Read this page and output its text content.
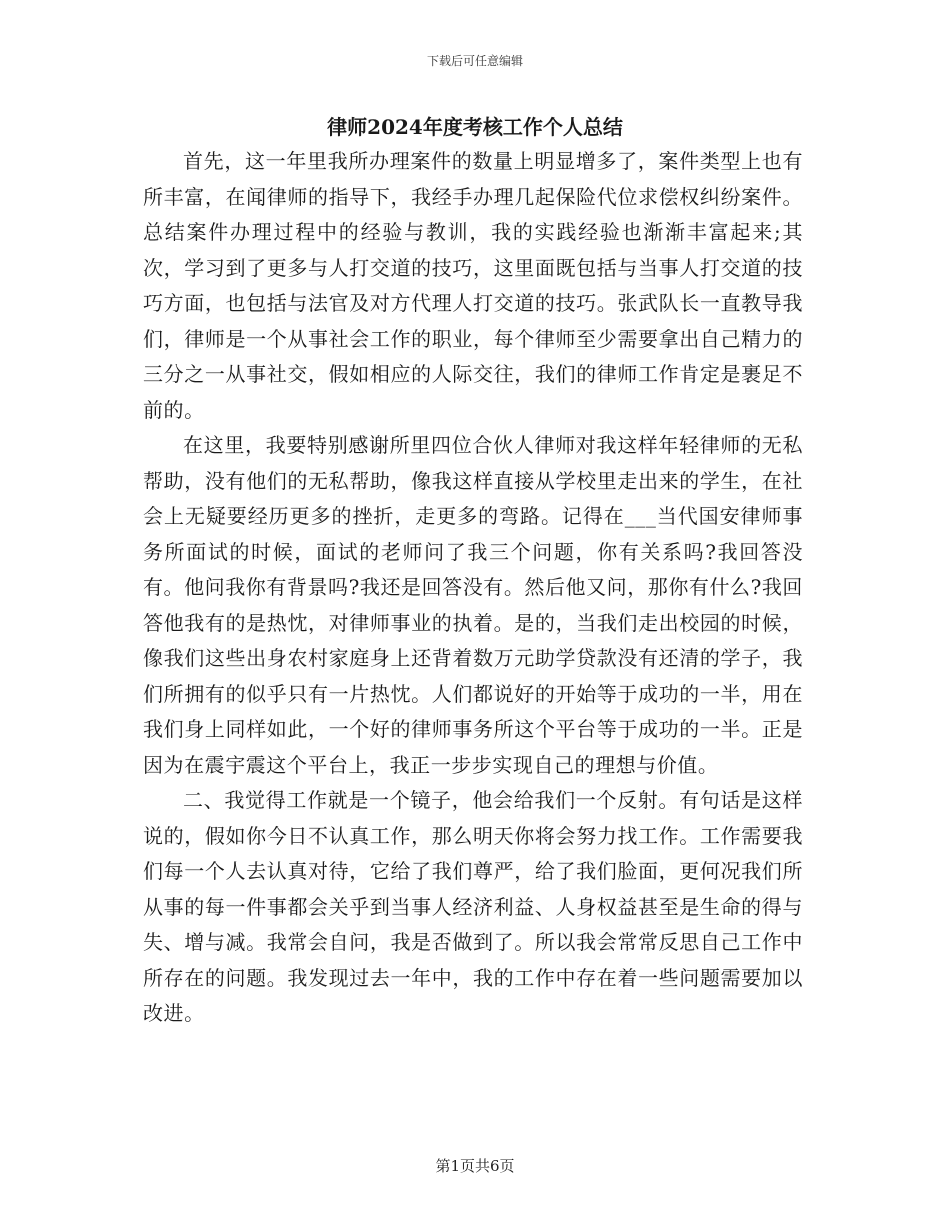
下载后可任意编辑
律师2024年度考核工作个人总结

首先，这一年里我所办理案件的数量上明显增多了，案件类型上也有所丰富，在闻律师的指导下，我经手办理几起保险代位求偿权纠纷案件。总结案件办理过程中的经验与教训，我的实践经验也渐渐丰富起来;其次，学习到了更多与人打交道的技巧，这里面既包括与当事人打交道的技巧方面，也包括与法官及对方代理人打交道的技巧。张武队长一直教导我们，律师是一个从事社会工作的职业，每个律师至少需要拿出自己精力的三分之一从事社交，假如相应的人际交往，我们的律师工作肯定是裹足不前的。

在这里，我要特别感谢所里四位合伙人律师对我这样年轻律师的无私帮助，没有他们的无私帮助，像我这样直接从学校里走出来的学生，在社会上无疑要经历更多的挫折，走更多的弯路。记得在___当代国安律师事务所面试的时候，面试的老师问了我三个问题，你有关系吗?我回答没有。他问我你有背景吗?我还是回答没有。然后他又问，那你有什么?我回答他我有的是热忱，对律师事业的执着。是的，当我们走出校园的时候，像我们这些出身农村家庭身上还背着数万元助学贷款没有还清的学子，我们所拥有的似乎只有一片热忱。人们都说好的开始等于成功的一半，用在我们身上同样如此，一个好的律师事务所这个平台等于成功的一半。正是因为在震宇震这个平台上，我正一步步实现自己的理想与价值。

二、我觉得工作就是一个镜子，他会给我们一个反射。有句话是这样说的，假如你今日不认真工作，那么明天你将会努力找工作。工作需要我们每一个人去认真对待，它给了我们尊严，给了我们脸面，更何况我们所从事的每一件事都会关乎到当事人经济利益、人身权益甚至是生命的得与失、增与减。我常会自问，我是否做到了。所以我会常常反思自己工作中所存在的问题。我发现过去一年中，我的工作中存在着一些问题需要加以改进。

第1页共6页
